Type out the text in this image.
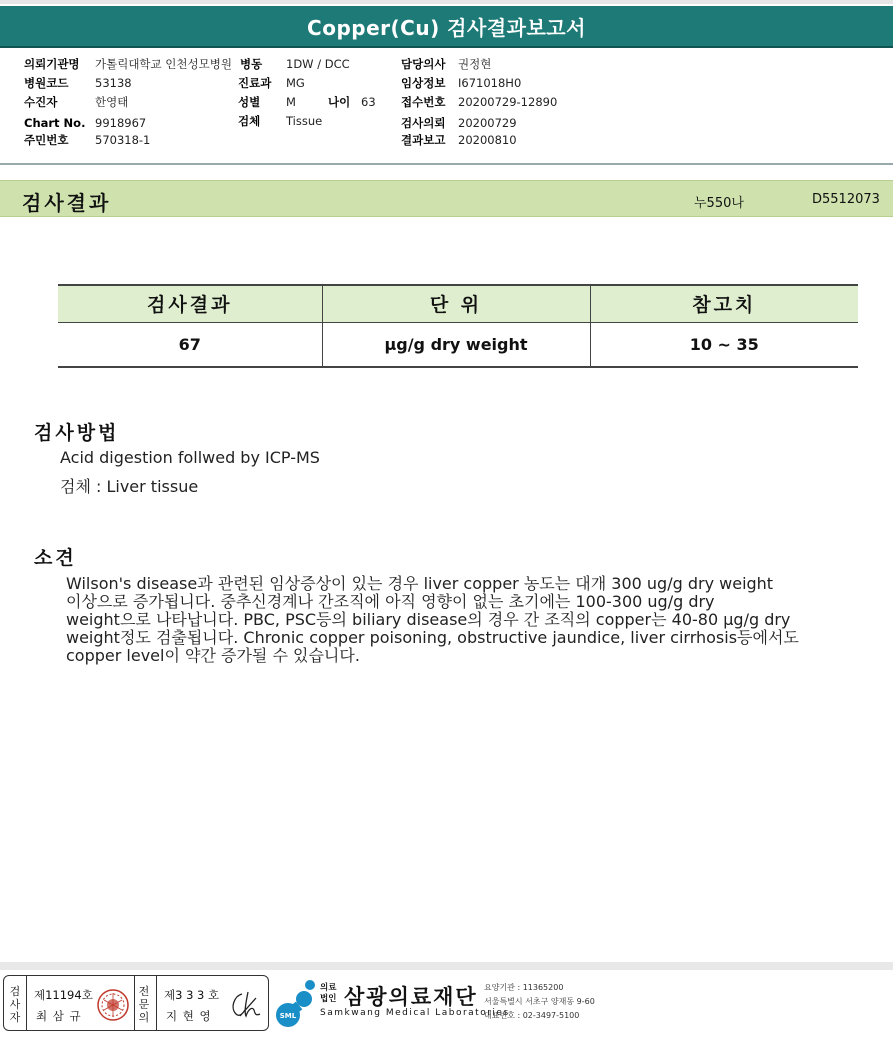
Copper(Cu) 검사결과보고서
의뢰기관명 가톨릭대학교 인천성모병원
병원코드 53138
수진자	한영태
Chart No. 9918967
주민번호 570318-1
병동 1DW / DCC
진료과 MG
성별 M	나이 63
검체 Tissue
담당의사 권정현
임상정보 I671018H0
접수번호 20200729-12890
검사의뢰 20200729
결과보고 20200810
검사결과	누550나	D5512073
검사결과	단 위	참고치
67	µg/g dry weight	10 ~ 35
검사방법
Acid digestion follwed by ICP-MS
검체 : Liver tissue
소견
Wilson's disease과 관련된 임상증상이 있는 경우 liver copper 농도는 대개 300 ug/g dry weight
이상으로 증가됩니다. 중추신경계나 간조직에 아직 영향이 없는 초기에는 100-300 ug/g dry
weight으로 나타납니다. PBC, PSC등의 biliary disease의 경우 간 조직의 copper는 40-80 µg/g dry
weight정도 검출됩니다. Chronic copper poisoning, obstructive jaundice, liver cirrhosis등에서도
copper level이 약간 증가될 수 있습니다.
검
사
자
제11194호
최 삼 규
전
문
의
제3 3 3 호
지 현 영	SML
의료
법인 삼광의료재단
Samkwang Medical Laboratories
요양기관 : 11365200
서울특별시 서초구 양재동 9-60
대표번호 : 02-3497-5100
